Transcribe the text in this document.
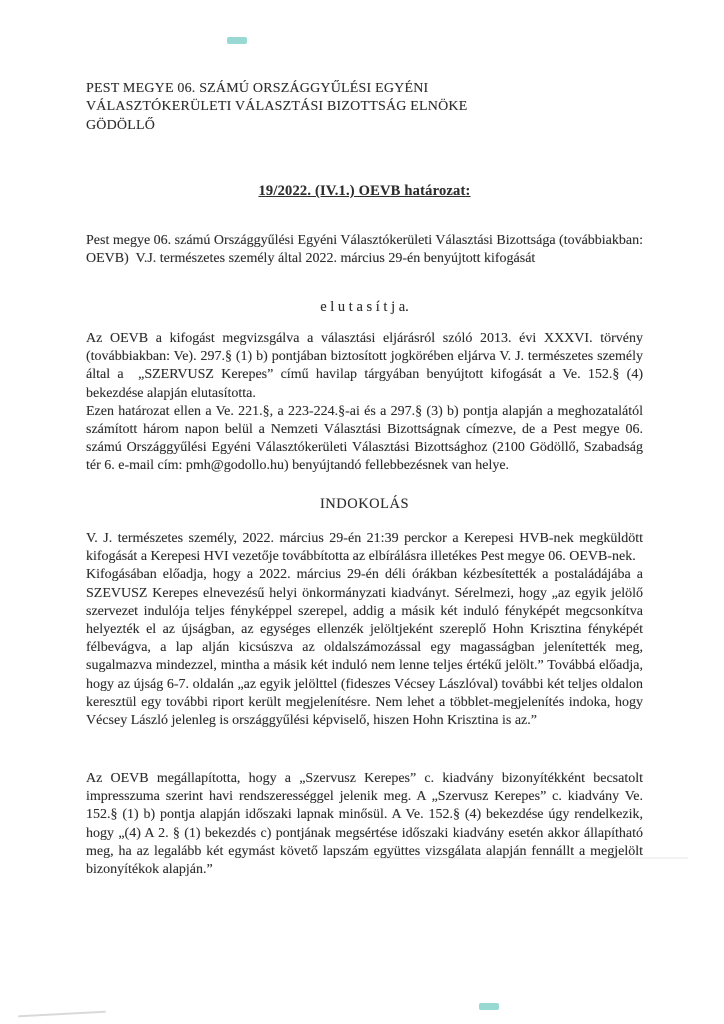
PEST MEGYE 06. SZÁMÚ ORSZÁGGYŰLÉSI EGYÉNI
VÁLASZTÓKERÜLETI VÁLASZTÁSI BIZOTTSÁG ELNÖKE
GÖDÖLLŐ
19/2022. (IV.1.) OEVB határozat:
Pest megye 06. számú Országgyűlési Egyéni Választókerületi Választási Bizottsága (továbbiakban: OEVB)  V.J. természetes személy által 2022. március 29-én benyújtott kifogását
e l u t a s í t j a.

Az OEVB a kifogást megvizsgálva a választási eljárásról szóló 2013. évi XXXVI. törvény (továbbiakban: Ve). 297.§ (1) b) pontjában biztosított jogkörében eljárva V. J. természetes személy által a  „SZERVUSZ Kerepes” című havilap tárgyában benyújtott kifogását a Ve. 152.§ (4) bekezdése alapján elutasította.

Ezen határozat ellen a Ve. 221.§, a 223-224.§-ai és a 297.§ (3) b) pontja alapján a meghozatalától számított három napon belül a Nemzeti Választási Bizottságnak címezve, de a Pest megye 06. számú Országgyűlési Egyéni Választókerületi Választási Bizottsághoz (2100 Gödöllő, Szabadság tér 6. e-mail cím: pmh@godollo.hu) benyújtandó fellebbezésnek van helye.

INDOKOLÁS

V. J. természetes személy, 2022. március 29-én 21:39 perckor a Kerepesi HVB-nek megküldött kifogását a Kerepesi HVI vezetője továbbította az elbírálásra illetékes Pest megye 06. OEVB-nek.

Kifogásában előadja, hogy a 2022. március 29-én déli órákban kézbesítették a postaládájába a SZEVUSZ Kerepes elnevezésű helyi önkormányzati kiadványt. Sérelmezi, hogy „az egyik jelölő szervezet indulója teljes fényképpel szerepel, addig a másik két induló fényképét megcsonkítva helyezték el az újságban, az egységes ellenzék jelöltjeként szereplő Hohn Krisztina fényképét félbevágva, a lap alján kicsúszva az oldalszámozással egy magasságban jelenítették meg, sugalmazva mindezzel, mintha a másik két induló nem lenne teljes értékű jelölt.” Továbbá előadja, hogy az újság 6-7. oldalán „az egyik jelölttel (fideszes Vécsey Lászlóval) további két teljes oldalon keresztül egy további riport került megjelenítésre. Nem lehet a többlet-megjelenítés indoka, hogy Vécsey László jelenleg is országgyűlési képviselő, hiszen Hohn Krisztina is az.”

Az OEVB megállapította, hogy a „Szervusz Kerepes” c. kiadvány bizonyítékként becsatolt impresszuma szerint havi rendszerességgel jelenik meg. A „Szervusz Kerepes” c. kiadvány Ve. 152.§ (1) b) pontja alapján időszaki lapnak minősül. A Ve. 152.§ (4) bekezdése úgy rendelkezik, hogy „(4) A 2. § (1) bekezdés c) pontjának megsértése időszaki kiadvány esetén akkor állapítható meg, ha az legalább két egymást követő lapszám együttes vizsgálata alapján fennállt a megjelölt bizonyítékok alapján.”
